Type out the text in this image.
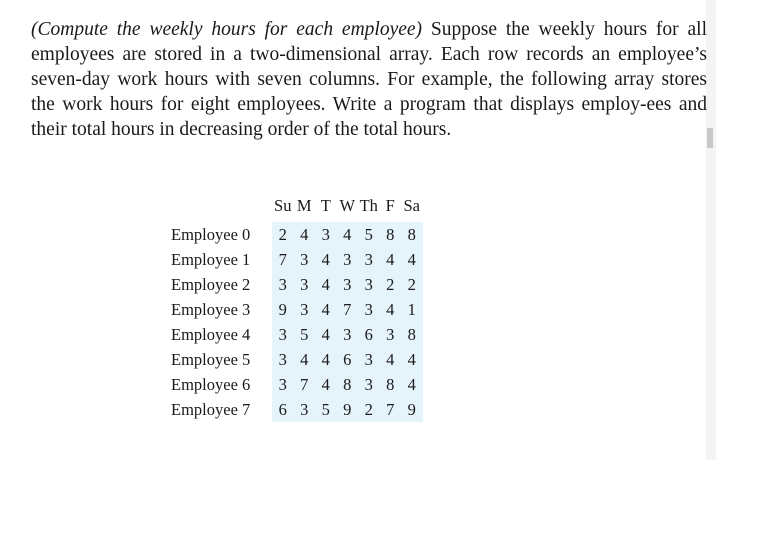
(Compute the weekly hours for each employee) Suppose the weekly hours for all employees are stored in a two-dimensional array. Each row records an employee’s seven-day work hours with seven columns. For example, the following array stores the work hours for eight employees. Write a program that displays employ-ees and their total hours in decreasing order of the total hours.
	Su	M	T	W	Th	F	Sa
Employee 0	2	4	3	4	5	8	8
Employee 1	7	3	4	3	3	4	4
Employee 2	3	3	4	3	3	2	2
Employee 3	9	3	4	7	3	4	1
Employee 4	3	5	4	3	6	3	8
Employee 5	3	4	4	6	3	4	4
Employee 6	3	7	4	8	3	8	4
Employee 7	6	3	5	9	2	7	9
